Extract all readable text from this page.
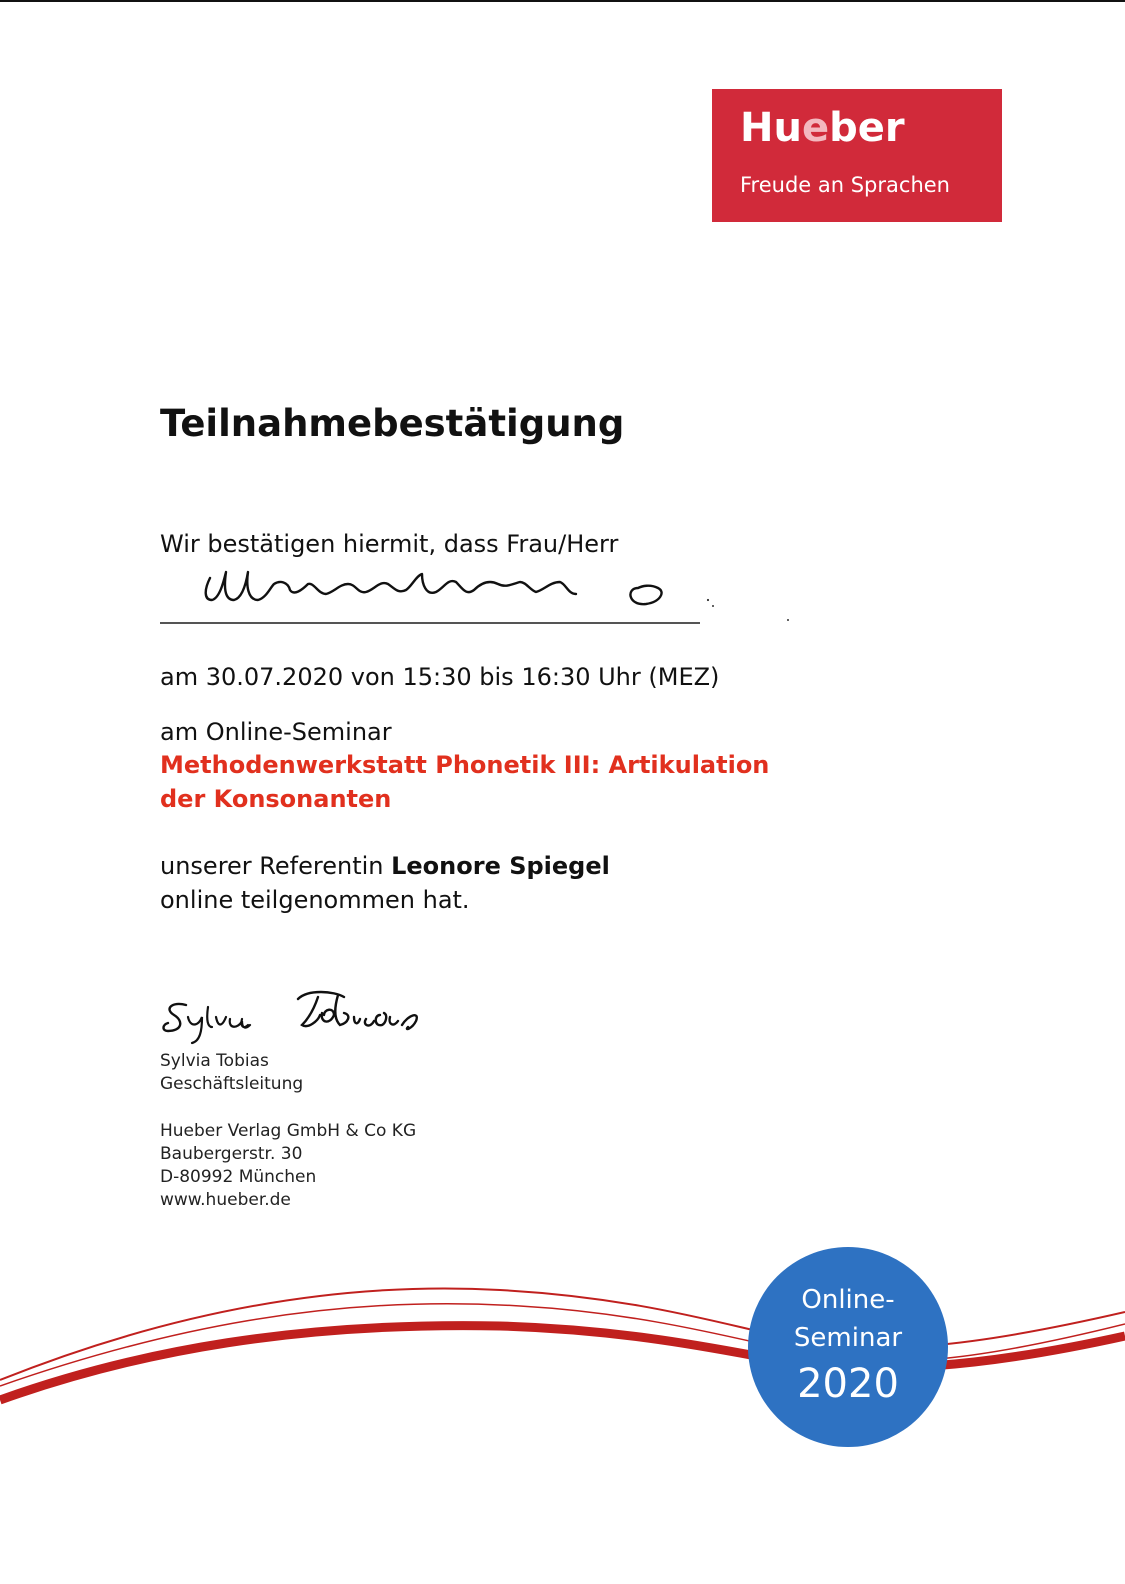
Hueber

Freude an Sprachen
Teilnahmebestätigung

Wir bestätigen hiermit, dass Frau/Herr

am 30.07.2020 von 15:30 bis 16:30 Uhr (MEZ)

am Online-Seminar

Methodenwerkstatt Phonetik III: Artikulation

der Konsonanten

unserer Referentin Leonore Spiegel

online teilgenommen hat.

Sylvia Tobias

Geschäftsleitung

Hueber Verlag GmbH & Co KG

Baubergerstr. 30

D-80992 München

www.hueber.de

Online-
Seminar
2020
